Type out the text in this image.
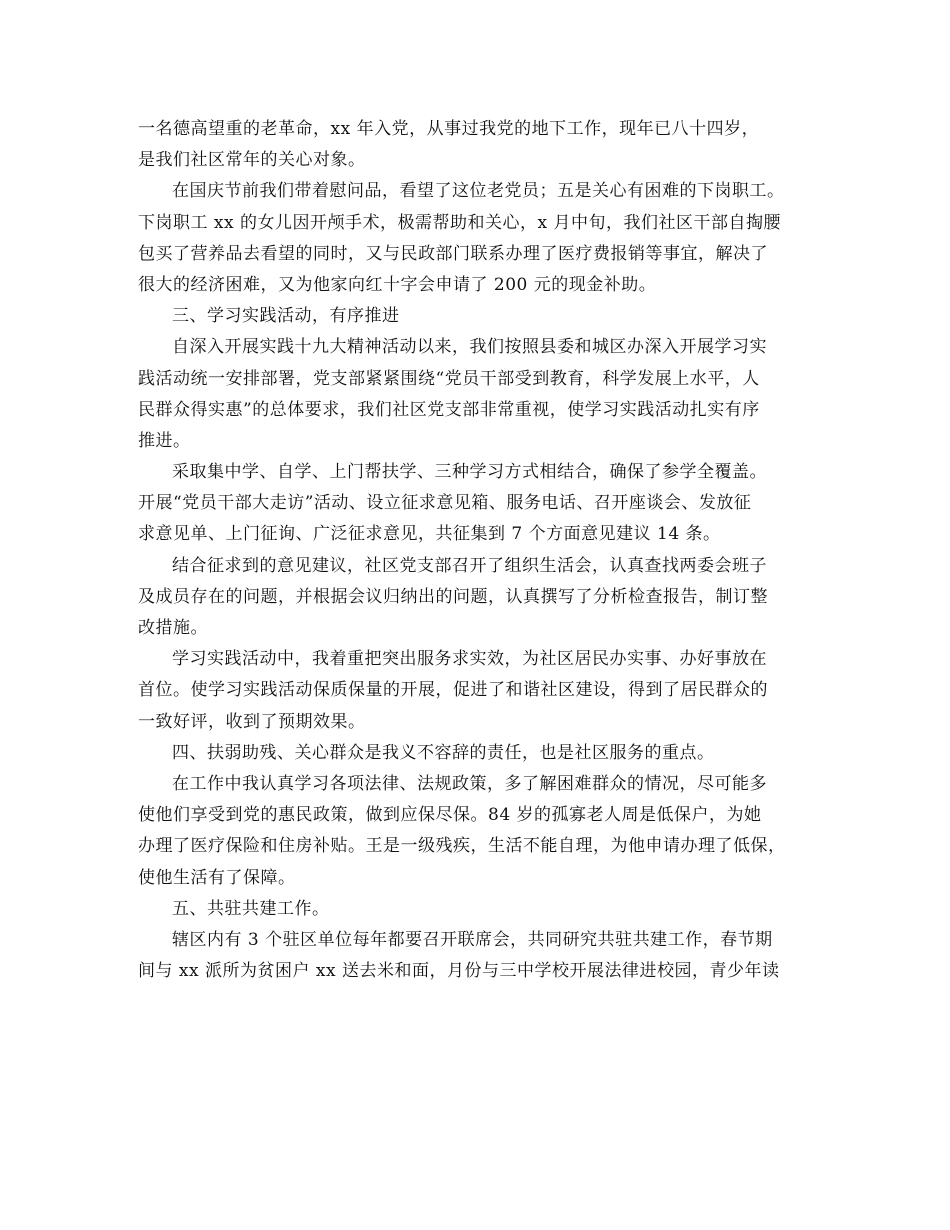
一名德高望重的老革命，xx 年入党，从事过我党的地下工作，现年已八十四岁，
是我们社区常年的关心对象。
在国庆节前我们带着慰问品，看望了这位老党员；五是关心有困难的下岗职工。
下岗职工 xx 的女儿因开颅手术，极需帮助和关心，x 月中旬，我们社区干部自掏腰
包买了营养品去看望的同时，又与民政部门联系办理了医疗费报销等事宜，解决了
很大的经济困难，又为他家向红十字会申请了 200 元的现金补助。
三、学习实践活动，有序推进
自深入开展实践十九大精神活动以来，我们按照县委和城区办深入开展学习实
践活动统一安排部署，党支部紧紧围绕“党员干部受到教育，科学发展上水平，人
民群众得实惠”的总体要求，我们社区党支部非常重视，使学习实践活动扎实有序
推进。
采取集中学、自学、上门帮扶学、三种学习方式相结合，确保了参学全覆盖。
开展“党员干部大走访”活动、设立征求意见箱、服务电话、召开座谈会、发放征
求意见单、上门征询、广泛征求意见，共征集到 7 个方面意见建议 14 条。
结合征求到的意见建议，社区党支部召开了组织生活会，认真查找两委会班子
及成员存在的问题，并根据会议归纳出的问题，认真撰写了分析检查报告，制订整
改措施。
学习实践活动中，我着重把突出服务求实效，为社区居民办实事、办好事放在
首位。使学习实践活动保质保量的开展，促进了和谐社区建设，得到了居民群众的
一致好评，收到了预期效果。
四、扶弱助残、关心群众是我义不容辞的责任，也是社区服务的重点。
在工作中我认真学习各项法律、法规政策，多了解困难群众的情况，尽可能多
使他们享受到党的惠民政策，做到应保尽保。84 岁的孤寡老人周是低保户，为她
办理了医疗保险和住房补贴。王是一级残疾，生活不能自理，为他申请办理了低保，
使他生活有了保障。
五、共驻共建工作。
辖区内有 3 个驻区单位每年都要召开联席会，共同研究共驻共建工作，春节期
间与 xx 派所为贫困户 xx 送去米和面，月份与三中学校开展法律进校园，青少年读
